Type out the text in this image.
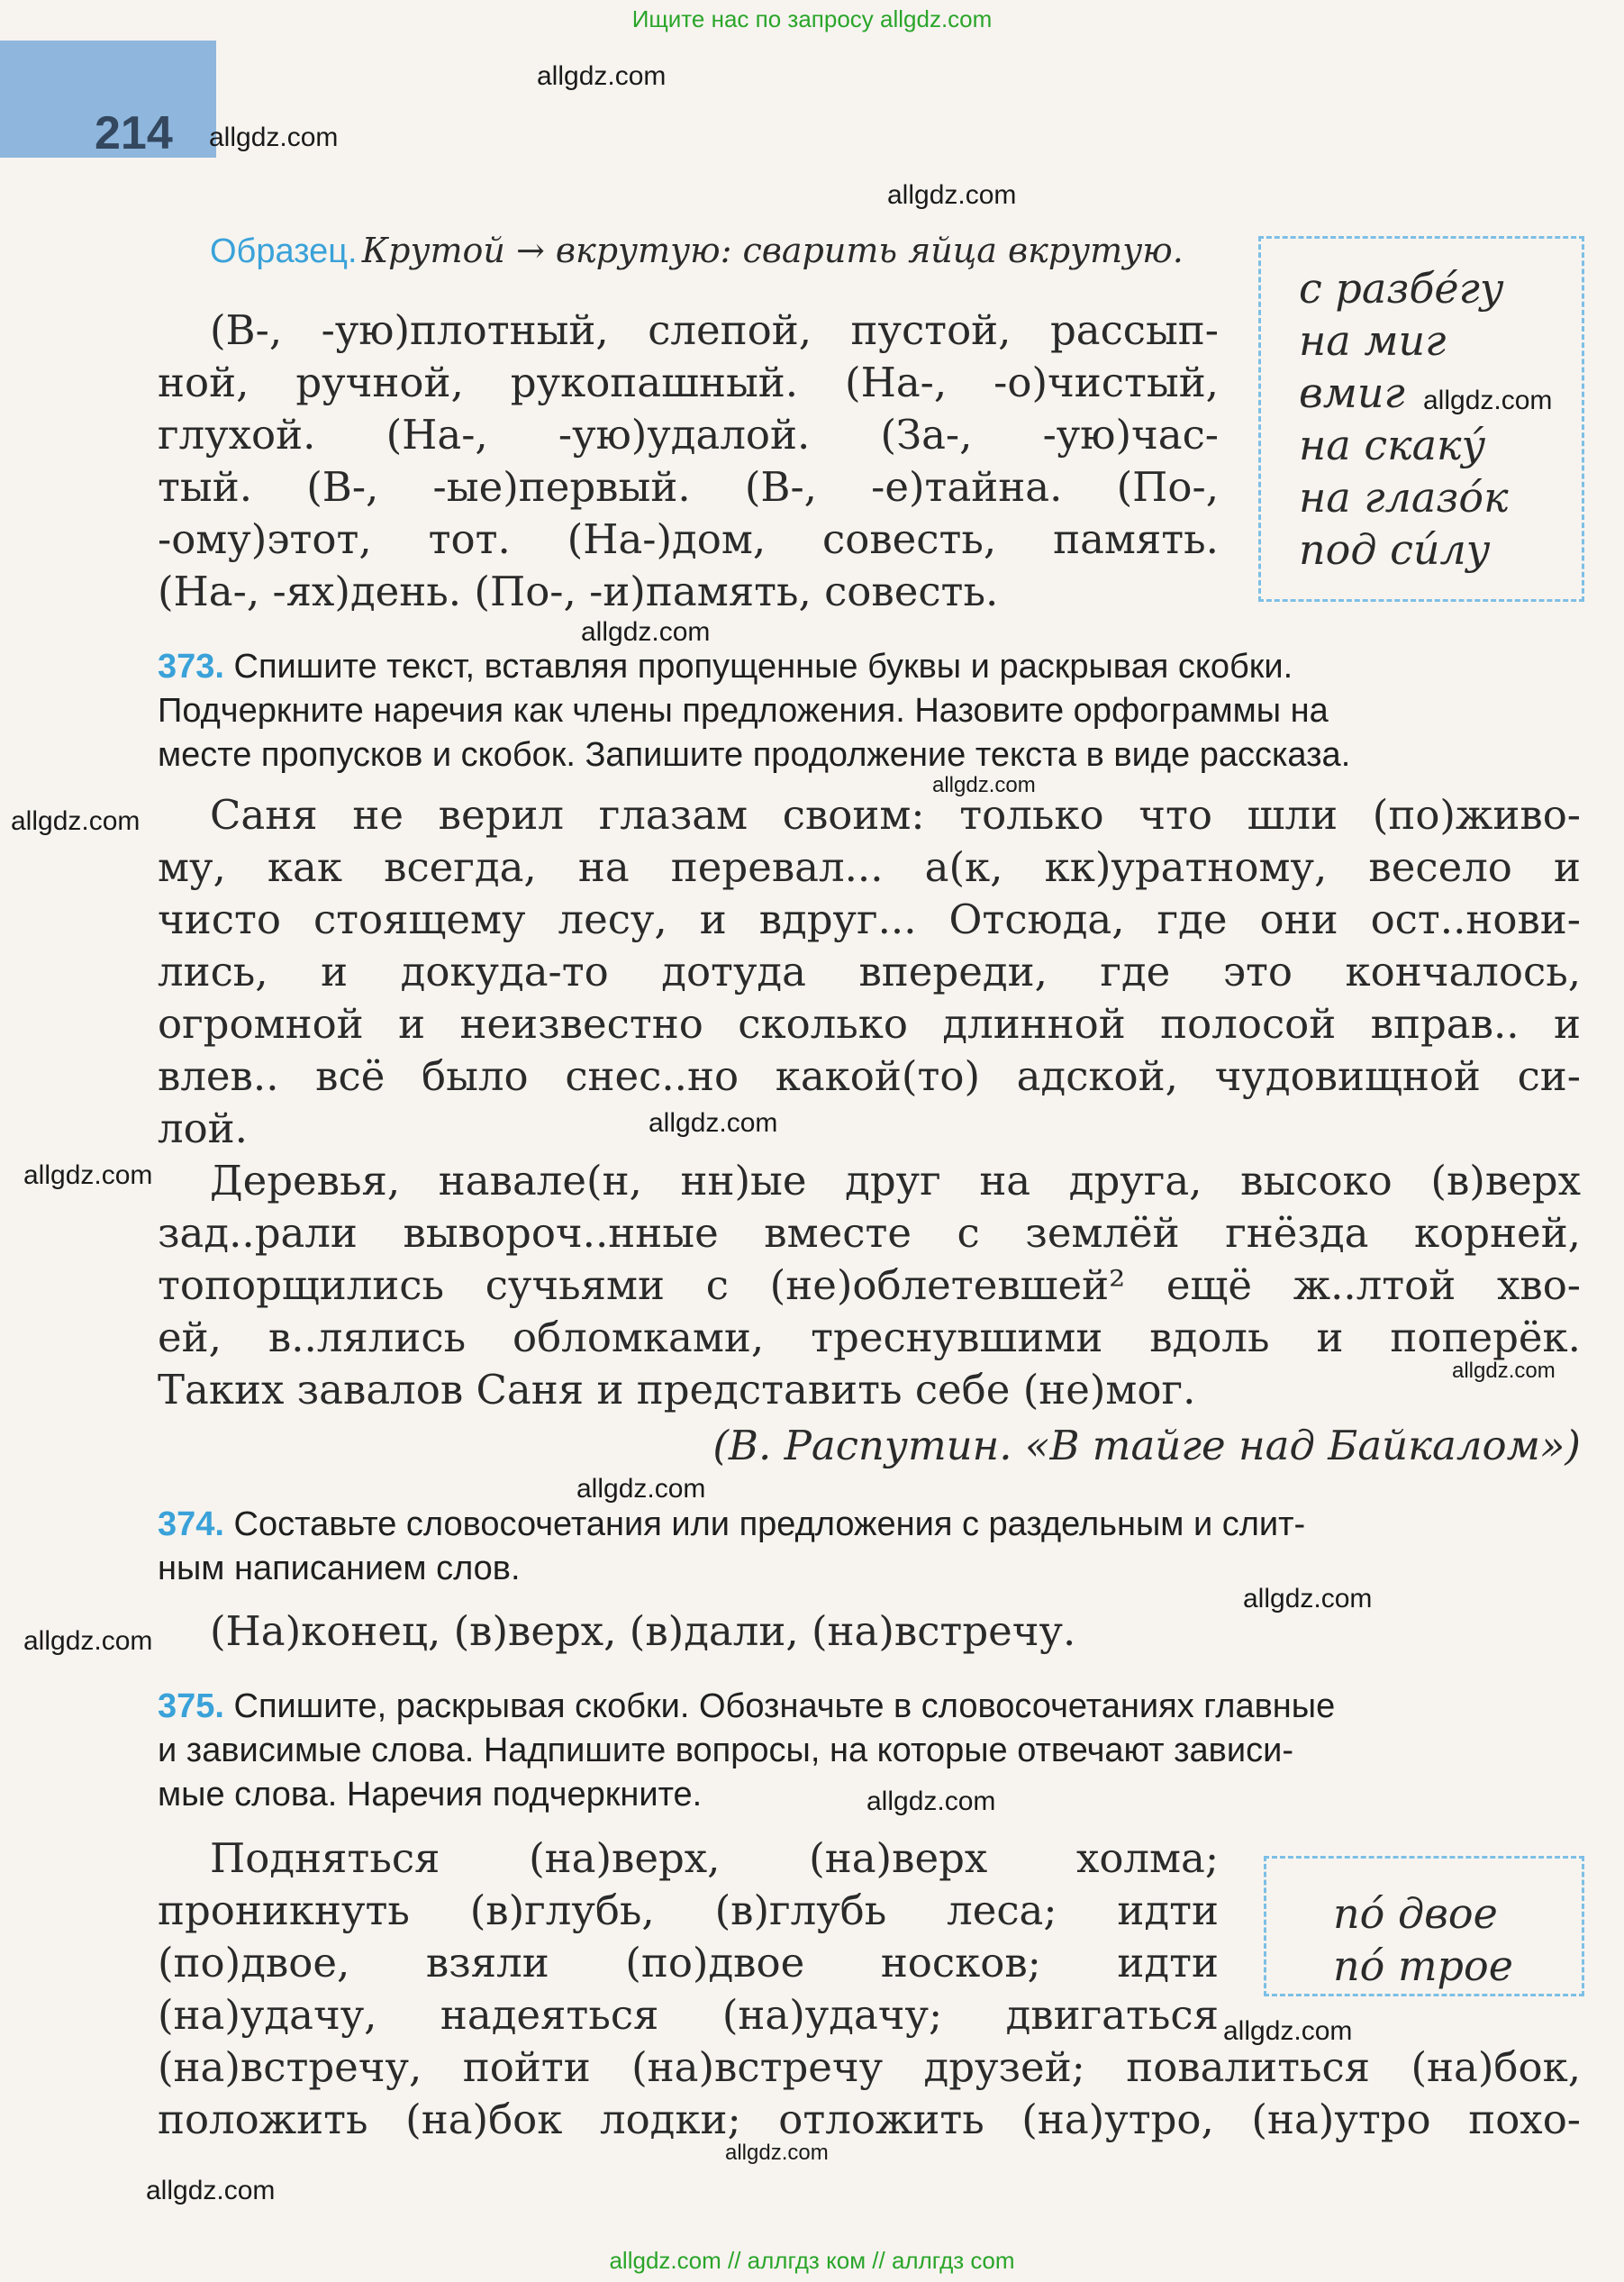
Ищите нас по запросу allgdz.com
214
Образец. Крутой → вкрутую: сварить яйца вкрутую.
(В-, -ую)плотный, слепой, пустой, рассып-
ной, ручной, рукопашный. (На-, -о)чистый,
глухой. (На-, -ую)удалой. (За-, -ую)час-
тый. (В-, -ые)первый. (В-, -е)тайна. (По-,
-ому)этот, тот. (На-)дом, совесть, память.
(На-, -ях)день. (По-, -и)память, совесть.
с разбе́гу
на миг
вмиг
на скаку́
на глазо́к
под си́лу
373. Спишите текст, вставляя пропущенные буквы и раскрывая скобки.
Подчеркните наречия как члены предложения. Назовите орфограммы на
месте пропусков и скобок. Запишите продолжение текста в виде рассказа.
Саня не верил глазам своим: только что шли (по)живо-
му, как всегда, на перевал... а(к, кк)уратному, весело и
чисто стоящему лесу, и вдруг... Отсюда, где они ост..нови-
лись, и докуда-то дотуда впереди, где это кончалось,
огромной и неизвестно сколько длинной полосой вправ.. и
влев.. всё было снес..но какой(то) адской, чудовищной си-
лой.
Деревья, навале(н, нн)ые друг на друга, высоко (в)верх
зад..рали вывороч..нные вместе с землёй гнёзда корней,
топорщились сучьями с (не)облетевшей² ещё ж..лтой хво-
ей, в..лялись обломками, треснувшими вдоль и поперёк.
Таких завалов Саня и представить себе (не)мог.
(В. Распутин. «В тайге над Байкалом»)
374. Составьте словосочетания или предложения с раздельным и слит-
ным написанием слов.
(На)конец, (в)верх, (в)дали, (на)встречу.
375. Спишите, раскрывая скобки. Обозначьте в словосочетаниях главные
и зависимые слова. Надпишите вопросы, на которые отвечают зависи-
мые слова. Наречия подчеркните.
Подняться (на)верх, (на)верх холма;
проникнуть (в)глубь, (в)глубь леса; идти
(по)двое, взяли (по)двое носков; идти
(на)удачу, надеяться (на)удачу; двигаться
(на)встречу, пойти (на)встречу друзей; повалиться (на)бок,
положить (на)бок лодки; отложить (на)утро, (на)утро похо-
по́ двое
по́ трое
allgdz.com
allgdz.com
allgdz.com
allgdz.com
allgdz.com
allgdz.com
allgdz.com
allgdz.com
allgdz.com
allgdz.com
allgdz.com
allgdz.com
allgdz.com
allgdz.com
allgdz.com
allgdz.com
allgdz.com
allgdz.com // аллгдз ком // аллгдз com
